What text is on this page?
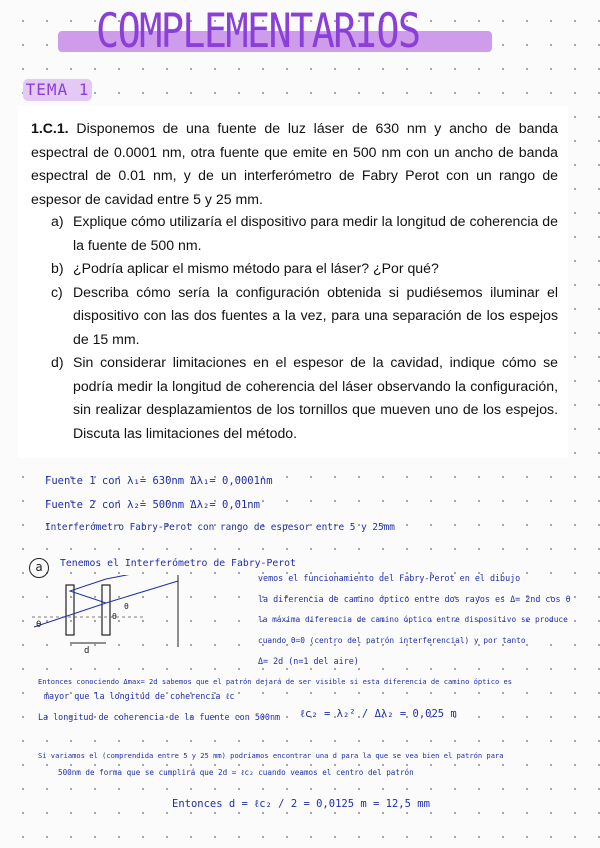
COMPLEMENTARIOS
TEMA 1
1.C.1. Disponemos de una fuente de luz láser de 630 nm y ancho de banda espectral de 0.0001 nm, otra fuente que emite en 500 nm con un ancho de banda espectral de 0.01 nm, y de un interferómetro de Fabry Perot con un rango de espesor de cavidad entre 5 y 25 mm.
a) Explique cómo utilizaría el dispositivo para medir la longitud de coherencia de la fuente de 500 nm.
b) ¿Podría aplicar el mismo método para el láser? ¿Por qué?
c) Describa cómo sería la configuración obtenida si pudiésemos iluminar el dispositivo con las dos fuentes a la vez, para una separación de los espejos de 15 mm.
d) Sin considerar limitaciones en el espesor de la cavidad, indique cómo se podría medir la longitud de coherencia del láser observando la configuración, sin realizar desplazamientos de los tornillos que mueven uno de los espejos. Discuta las limitaciones del método.
Fuente 1 con λ₁= 630nm Δλ₁= 0,0001nm
Fuente 2 con λ₂= 500nm Δλ₂= 0,01nm
Interferómetro Fabry-Perot con rango de espesor entre 5 y 25mm
a	Tenemos el Interferómetro de Fabry-Perot
θ
θ
θ
d
vemos el funcionamiento del Fabry-Perot en el dibujo
la diferencia de camino óptico entre dos rayos es Δ= 2nd cos θ
la máxima diferencia de camino óptico entre dispositivo se produce
cuando θ=0 (centro del patrón interferencial) y por tanto
Δ= 2d (n=1 del aire)
Entonces conociendo Δmax= 2d sabemos que el patrón dejará de ser visible si esta diferencia de camino óptico es
mayor que la longitud de coherencia ℓc
La longitud de coherencia de la fuente con 500nm ℓc₂ = λ₂² / Δλ₂ = 0,025 m
Si variamos el (comprendida entre 5 y 25 mm) podríamos encontrar una d para la que se vea bien el patrón para
500nm de forma que se cumplirá que 2d = ℓc₂ cuando veamos el centro del patrón
Entonces d = ℓc₂ / 2 = 0,0125 m = 12,5 mm
